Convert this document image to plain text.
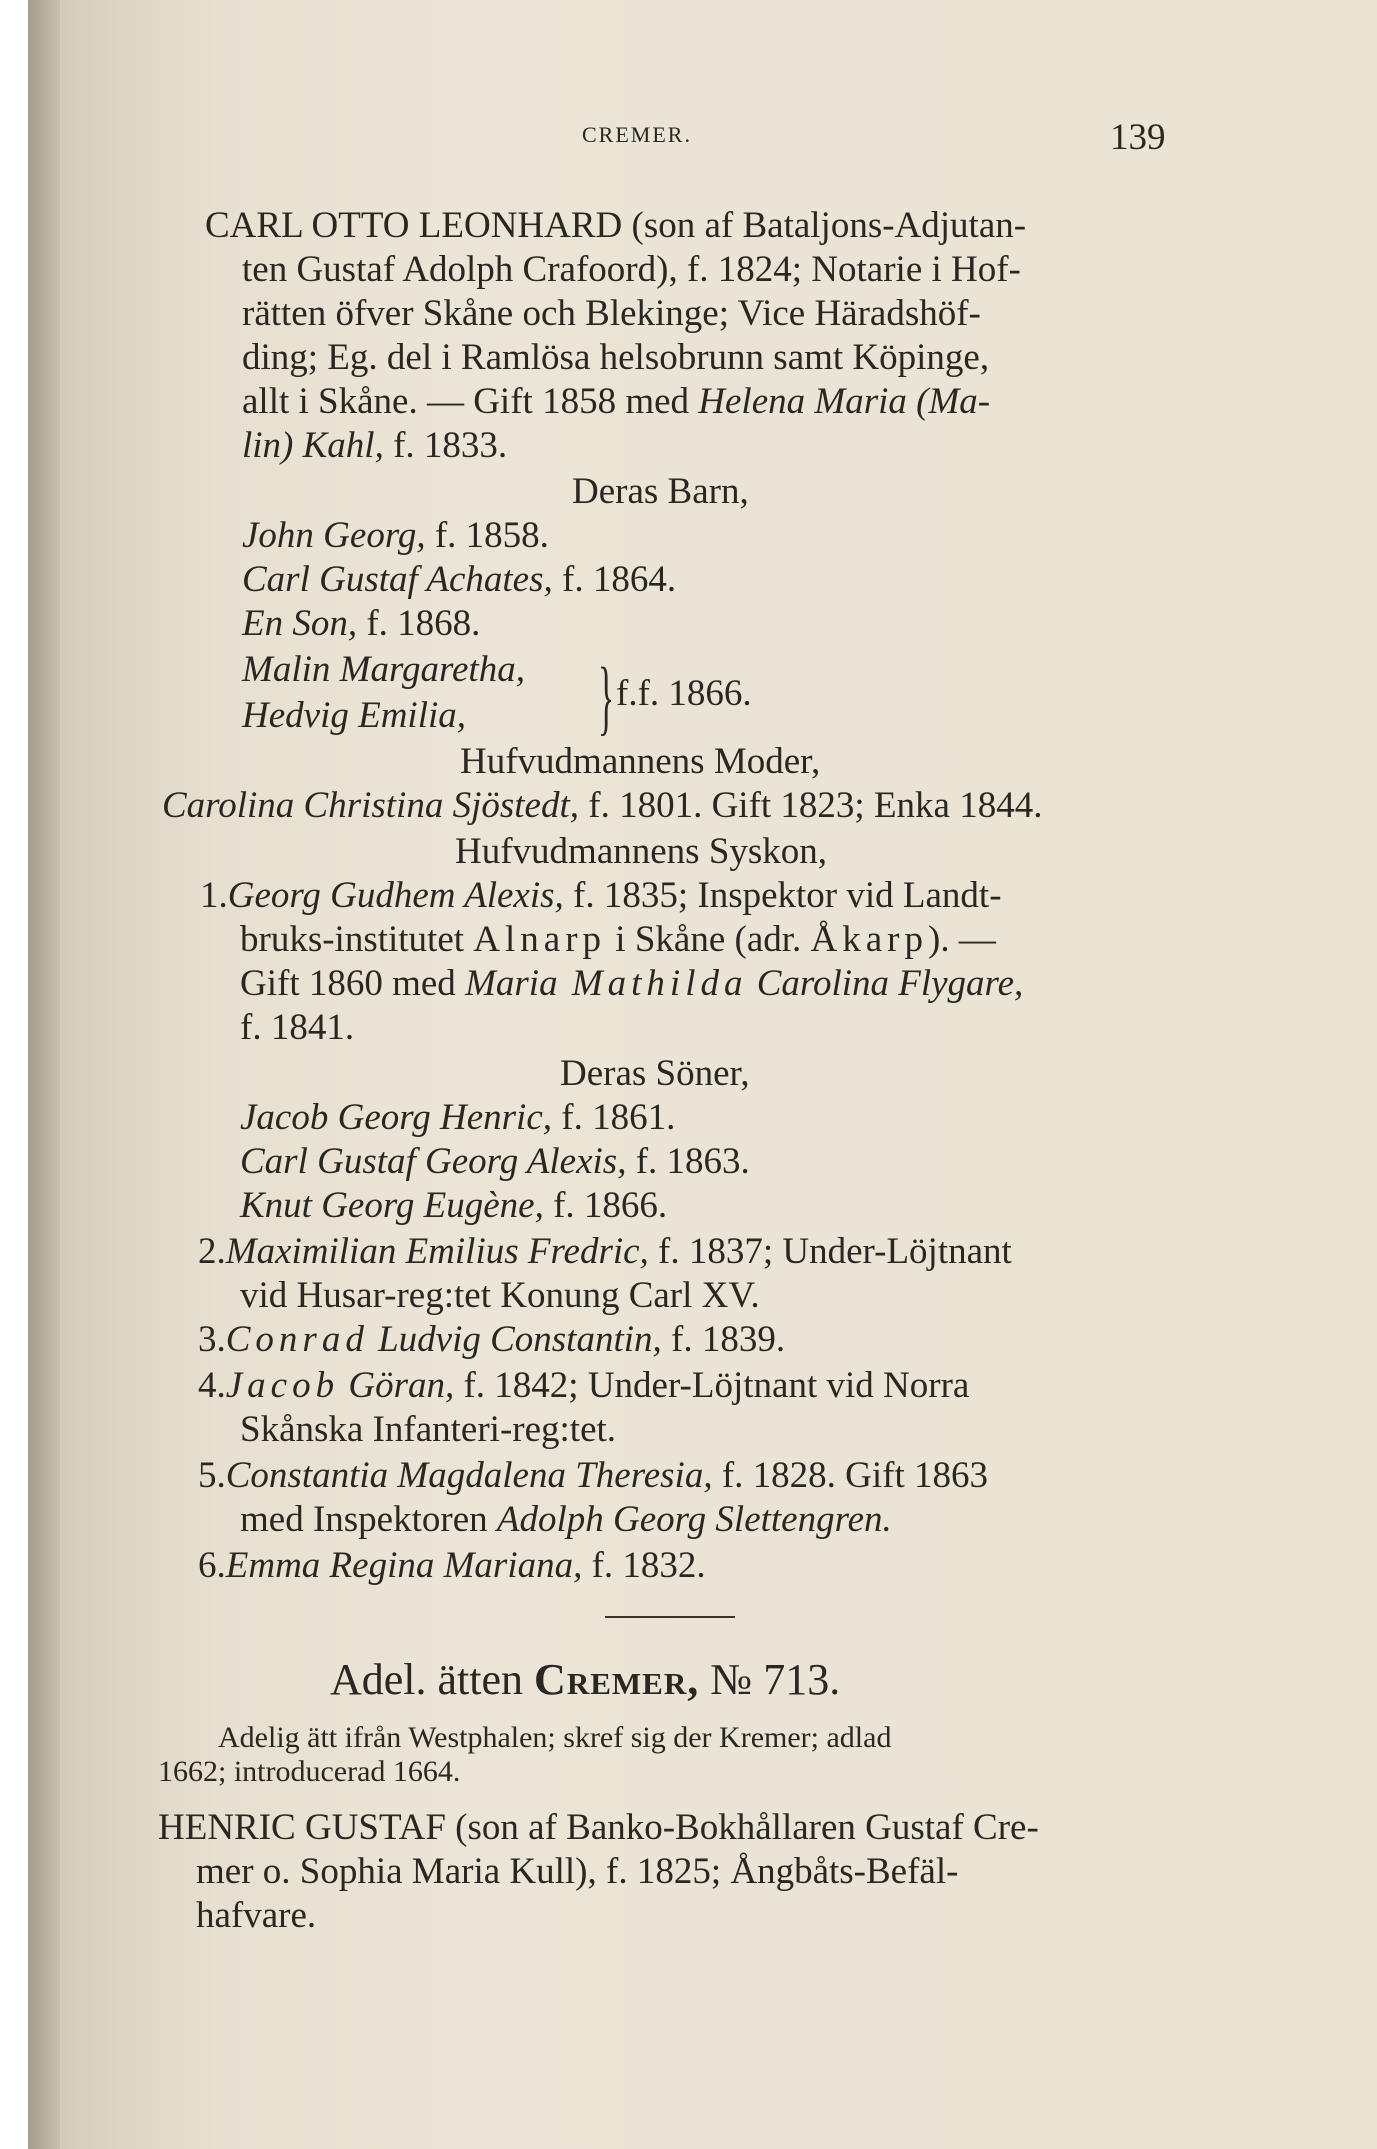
CREMER.	139
CARL OTTO LEONHARD (son af Bataljons-Adjutan-
ten Gustaf Adolph Crafoord), f. 1824; Notarie i Hof-
rätten öfver Skåne och Blekinge; Vice Häradshöf-
ding; Eg. del i Ramlösa helsobrunn samt Köpinge,
allt i Skåne. — Gift 1858 med Helena Maria (Ma-
lin) Kahl, f. 1833.
Deras Barn,
John Georg, f. 1858.
Carl Gustaf Achates, f. 1864.
En Son, f. 1868.
Malin Margaretha,
Hedvig Emilia, } f.f. 1866.
Hufvudmannens Moder,
Carolina Christina Sjöstedt, f. 1801. Gift 1823; Enka 1844.
Hufvudmannens Syskon,
1.Georg Gudhem Alexis, f. 1835; Inspektor vid Landt-
bruks-institutet Alnarp i Skåne (adr. Åkarp). —
Gift 1860 med Maria Mathilda Carolina Flygare,
f. 1841.
Deras Söner,
Jacob Georg Henric, f. 1861.
Carl Gustaf Georg Alexis, f. 1863.
Knut Georg Eugène, f. 1866.
2.Maximilian Emilius Fredric, f. 1837; Under-Löjtnant
vid Husar-reg:tet Konung Carl XV.
3.Conrad Ludvig Constantin, f. 1839.
4.Jacob Göran, f. 1842; Under-Löjtnant vid Norra
Skånska Infanteri-reg:tet.
5.Constantia Magdalena Theresia, f. 1828. Gift 1863
med Inspektoren Adolph Georg Slettengren.
6.Emma Regina Mariana, f. 1832.
Adel. ätten Cremer, № 713.
Adelig ätt ifrån Westphalen; skref sig der Kremer; adlad
1662; introducerad 1664.
HENRIC GUSTAF (son af Banko-Bokhållaren Gustaf Cre-
mer o. Sophia Maria Kull), f. 1825; Ångbåts-Befäl-
hafvare.
